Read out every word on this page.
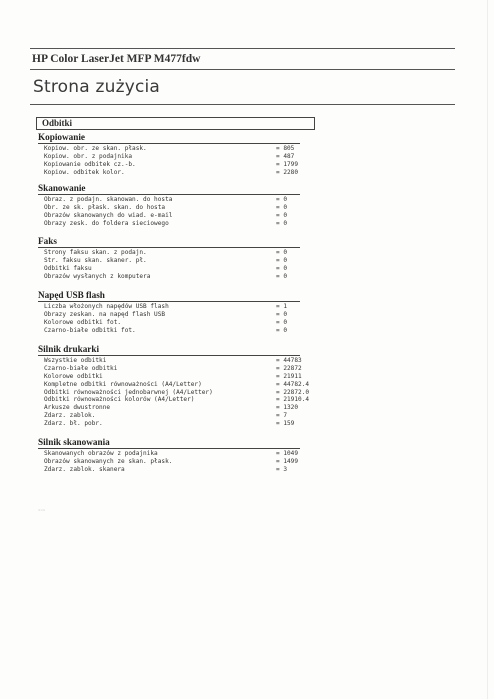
HP Color LaserJet MFP M477fdw
Strona zużycia
Odbitki
Kopiowanie
Kopiow. obr. ze skan. płask.	= 805
Kopiow. obr. z podajnika	= 487
Kopiowanie odbitek cz.-b.	= 1799
Kopiow. odbitek kolor.	= 2280
Skanowanie
Obraz. z podajn. skanowan. do hosta	= 0
Obr. ze sk. płask. skan. do hosta	= 0
Obrazów skanowanych do wiad. e-mail	= 0
Obrazy zesk. do foldera sieciowego	= 0
Faks
Strony faksu skan. z podajn.	= 0
Str. faksu skan. skaner. pł.	= 0
Odbitki faksu	= 0
Obrazów wysłanych z komputera	= 0
Napęd USB flash
Liczba włożonych napędów USB flash	= 1
Obrazy zeskan. na napęd flash USB	= 0
Kolorowe odbitki fot.	= 0
Czarno-białe odbitki fot.	= 0
Silnik drukarki
Wszystkie odbitki	= 44783
Czarno-białe odbitki	= 22872
Kolorowe odbitki	= 21911
Kompletne odbitki równoważności (A4/Letter)	= 44782.4
Odbitki równoważności jednobarwnej (A4/Letter)	= 22872.0
Odbitki równoważności kolorów (A4/Letter)	= 21910.4
Arkusze dwustronne	= 1320
Zdarz. zablok.	= 7
Zdarz. bł. pobr.	= 159
Silnik skanowania
Skanowanych obrazów z podajnika	= 1049
Obrazów skanowanych ze skan. płask.	= 1499
Zdarz. zablok. skanera	= 3
▫▫▫
